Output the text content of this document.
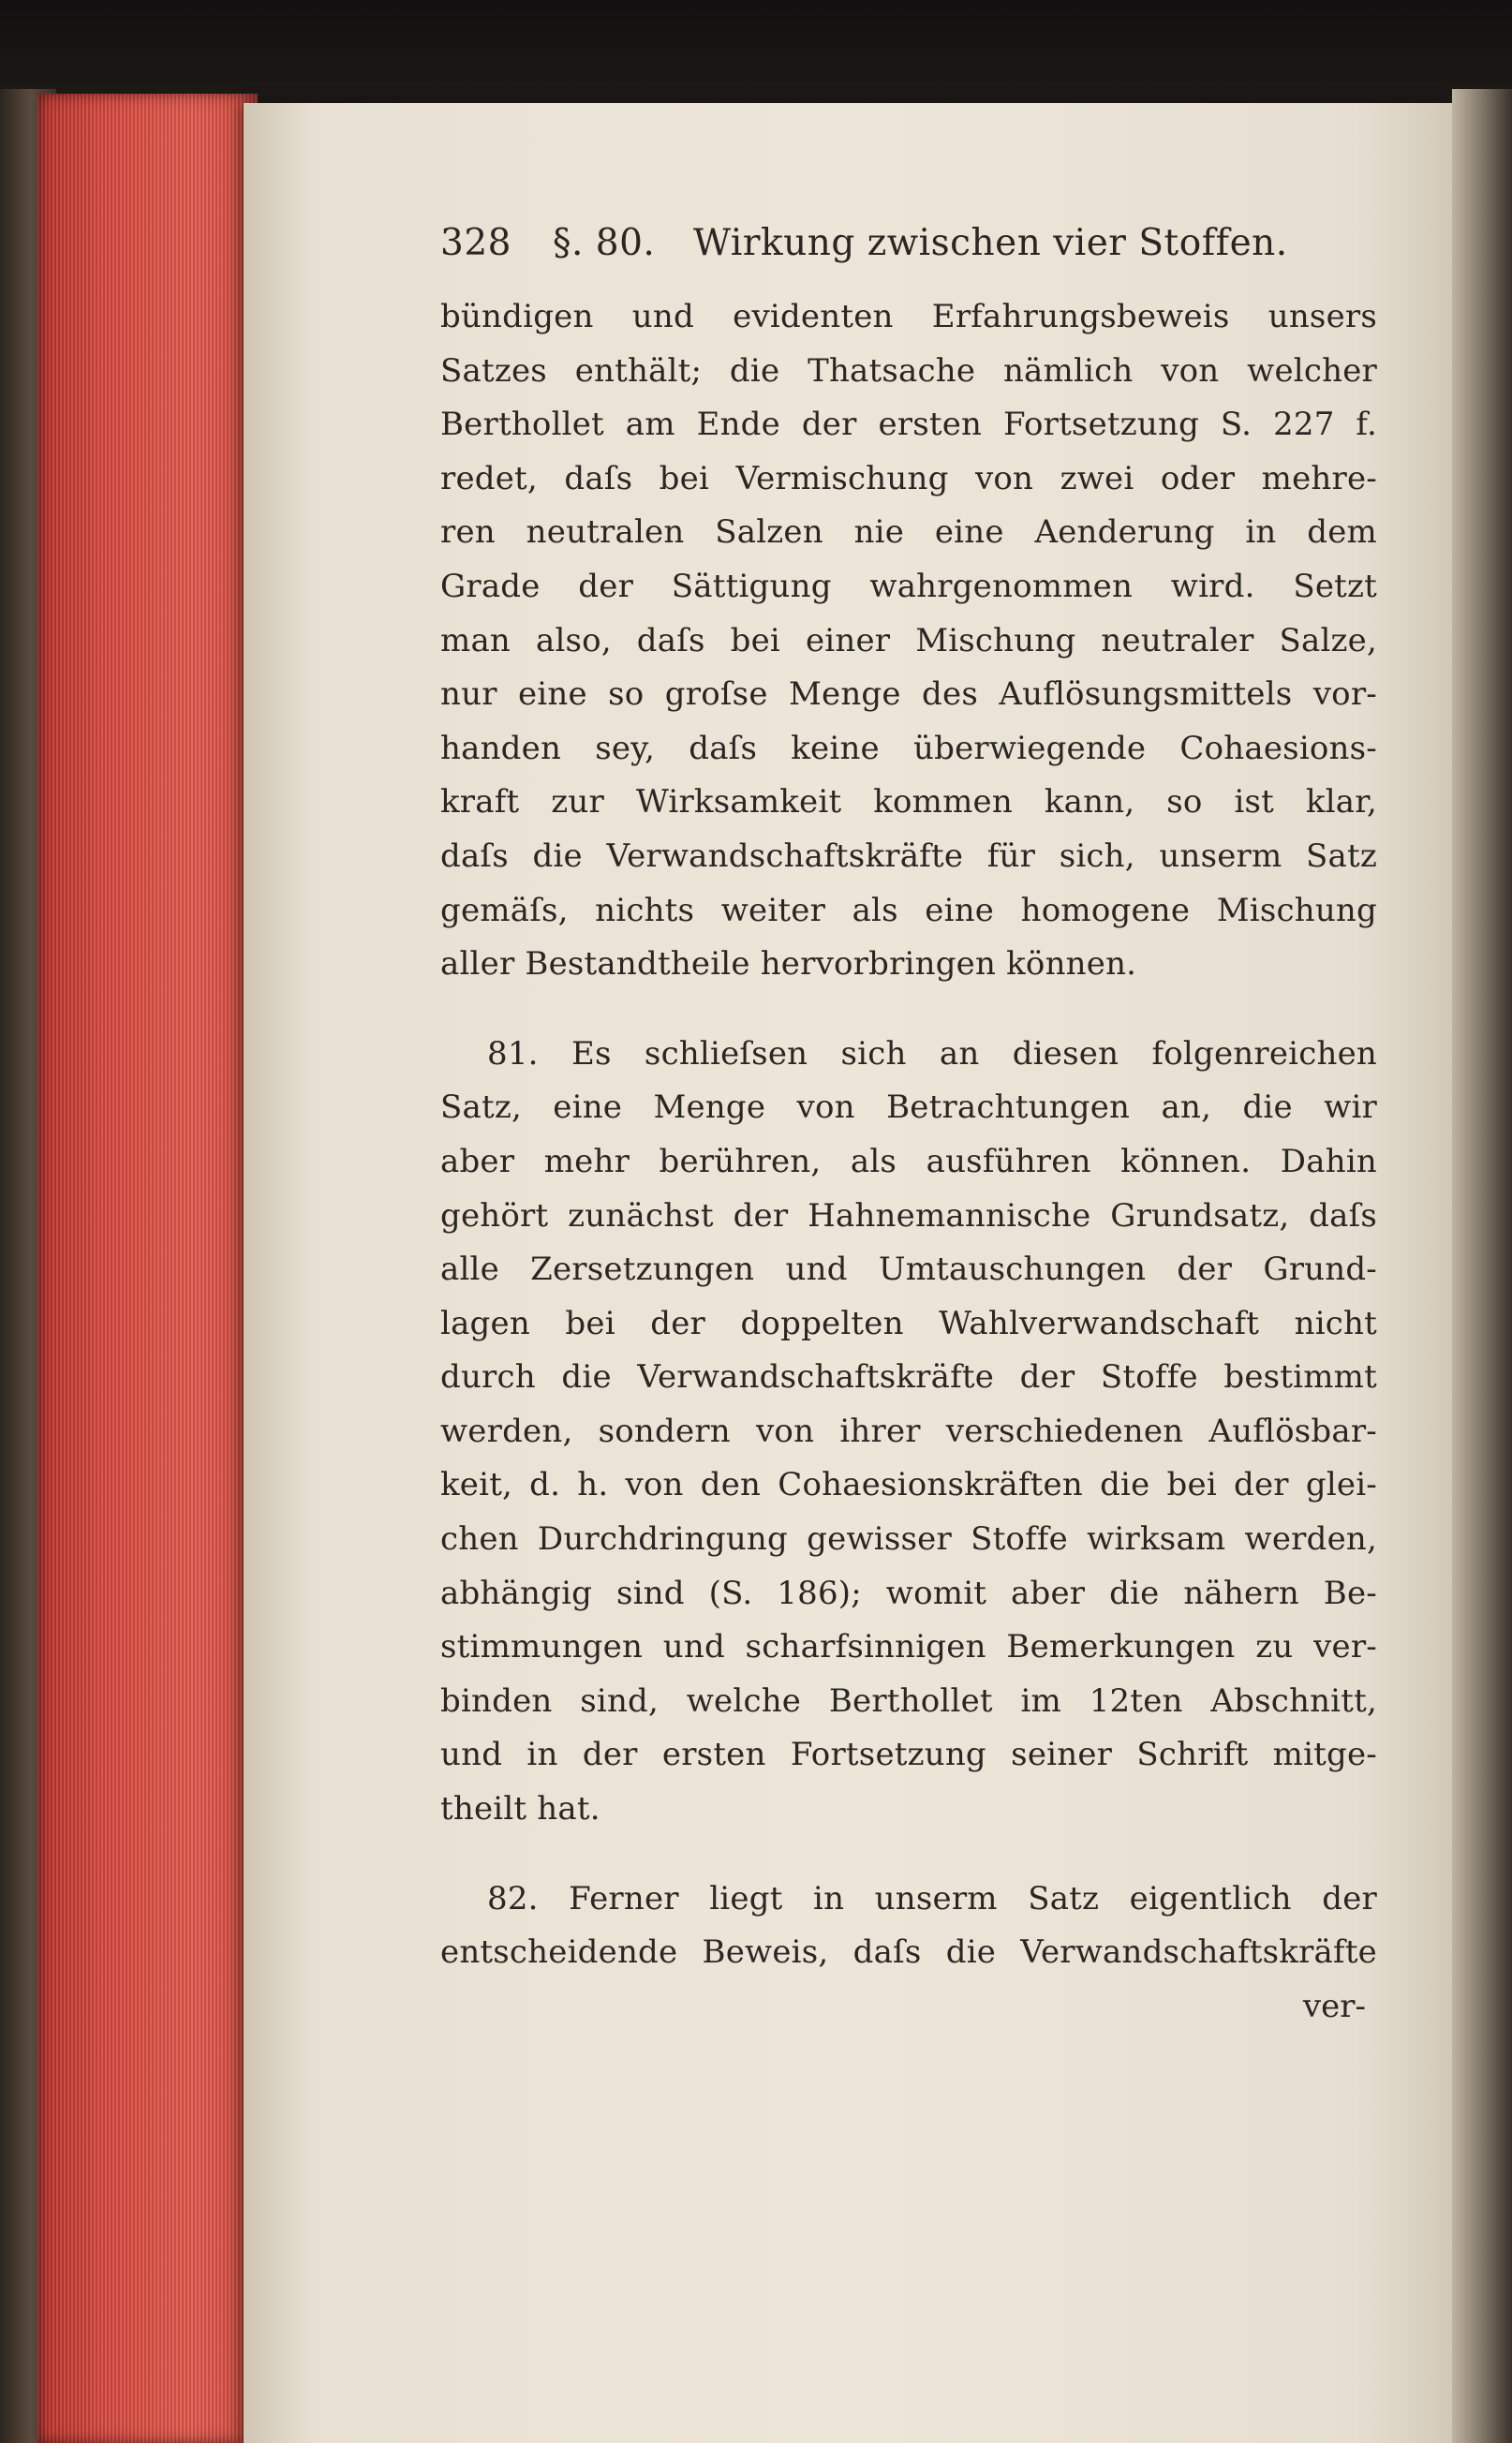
328 §. 80. Wirkung zwischen vier Stoffen.
bündigen und evidenten Erfahrungsbeweis unsers
Satzes enthält; die Thatsache nämlich von welcher
Berthollet am Ende der ersten Fortsetzung S. 227 f.
redet, daſs bei Vermischung von zwei oder mehre-
ren neutralen Salzen nie eine Aenderung in dem
Grade der Sättigung wahrgenommen wird. Setzt
man also, daſs bei einer Mischung neutraler Salze,
nur eine so groſse Menge des Auflösungsmittels vor-
handen sey, daſs keine überwiegende Cohaesions-
kraft zur Wirksamkeit kommen kann, so ist klar,
daſs die Verwandschaftskräfte für sich, unserm Satz
gemäſs, nichts weiter als eine homogene Mischung
aller Bestandtheile hervorbringen können.
81. Es schlieſsen sich an diesen folgenreichen
Satz, eine Menge von Betrachtungen an, die wir
aber mehr berühren, als ausführen können. Dahin
gehört zunächst der Hahnemannische Grundsatz, daſs
alle Zersetzungen und Umtauschungen der Grund-
lagen bei der doppelten Wahlverwandschaft nicht
durch die Verwandschaftskräfte der Stoffe bestimmt
werden, sondern von ihrer verschiedenen Auflösbar-
keit, d. h. von den Cohaesionskräften die bei der glei-
chen Durchdringung gewisser Stoffe wirksam werden,
abhängig sind (S. 186); womit aber die nähern Be-
stimmungen und scharfsinnigen Bemerkungen zu ver-
binden sind, welche Berthollet im 12ten Abschnitt,
und in der ersten Fortsetzung seiner Schrift mitge-
theilt hat.
82. Ferner liegt in unserm Satz eigentlich der
entscheidende Beweis, daſs die Verwandschaftskräfte
ver-
